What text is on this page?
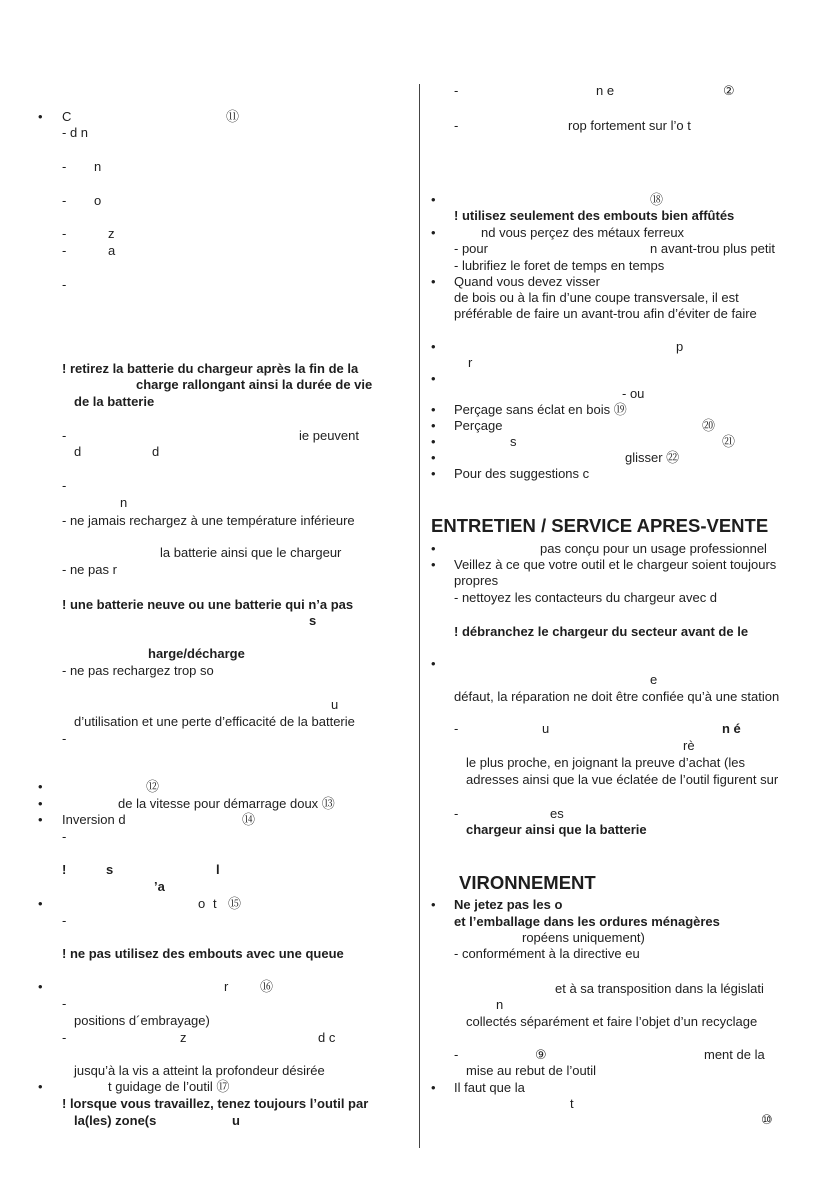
• C	⑪
- d n
- n
- o
-	z
-	a
-
! retirez la batterie du chargeur après la fin de la
charge rallongant ainsi la durée de vie
de la batterie
-	ie peuvent
d	d
-
n
- ne jamais rechargez à une température inférieure
la batterie ainsi que le chargeur
- ne pas r
! une batterie neuve ou une batterie qui n’a pas
s
harge/décharge
- ne pas rechargez trop so
u
d’utilisation et une perte d’efficacité de la batterie
-
•	⑫
•	de la vitesse pour démarrage doux ⑬
• Inversion d	⑭
-
!	s	l
’a
•	o t ⑮
-
! ne pas utilisez des embouts avec une queue
•	r ⑯
-
positions d´embrayage)
-	z	d c
jusqu’à la vis a atteint la profondeur désirée
•	t guidage de l’outil ⑰
! lorsque vous travaillez, tenez toujours l’outil par
la(les) zone(s	u
-	n e	②
-	rop fortement sur l’o t
•	⑱
! utilisez seulement des embouts bien affûtés
•	nd vous perçez des métaux ferreux
- pour	n avant-trou plus petit
- lubrifiez le foret de temps en temps
• Quand vous devez visser
de bois ou à la fin d’une coupe transversale, il est
préférable de faire un avant-trou afin d’éviter de faire
•	p
r
•
- ou
• Perçage sans éclat en bois ⑲
• Perçage	⑳
•	s	㉑
•	glisser ㉒
• Pour des suggestions c
ENTRETIEN / SERVICE APRES-VENTE
•	pas conçu pour un usage professionnel
• Veillez à ce que votre outil et le chargeur soient toujours
propres
- nettoyez les contacteurs du chargeur avec d
! débranchez le chargeur du secteur avant de le
•
e
défaut, la réparation ne doit être confiée qu’à une station
-	u	n é
rè
le plus proche, en joignant la preuve d’achat (les
adresses ainsi que la vue éclatée de l’outil figurent sur
-	es
chargeur ainsi que la batterie
VIRONNEMENT
• Ne jetez pas les o
et l’emballage dans les ordures ménagères
ropéens uniquement)
- conformément à la directive eu
et à sa transposition dans la législati
n
collectés séparément et faire l’objet d’un recyclage
-	⑨	ment de la
mise au rebut de l’outil
• Il faut que la
t
⑩
